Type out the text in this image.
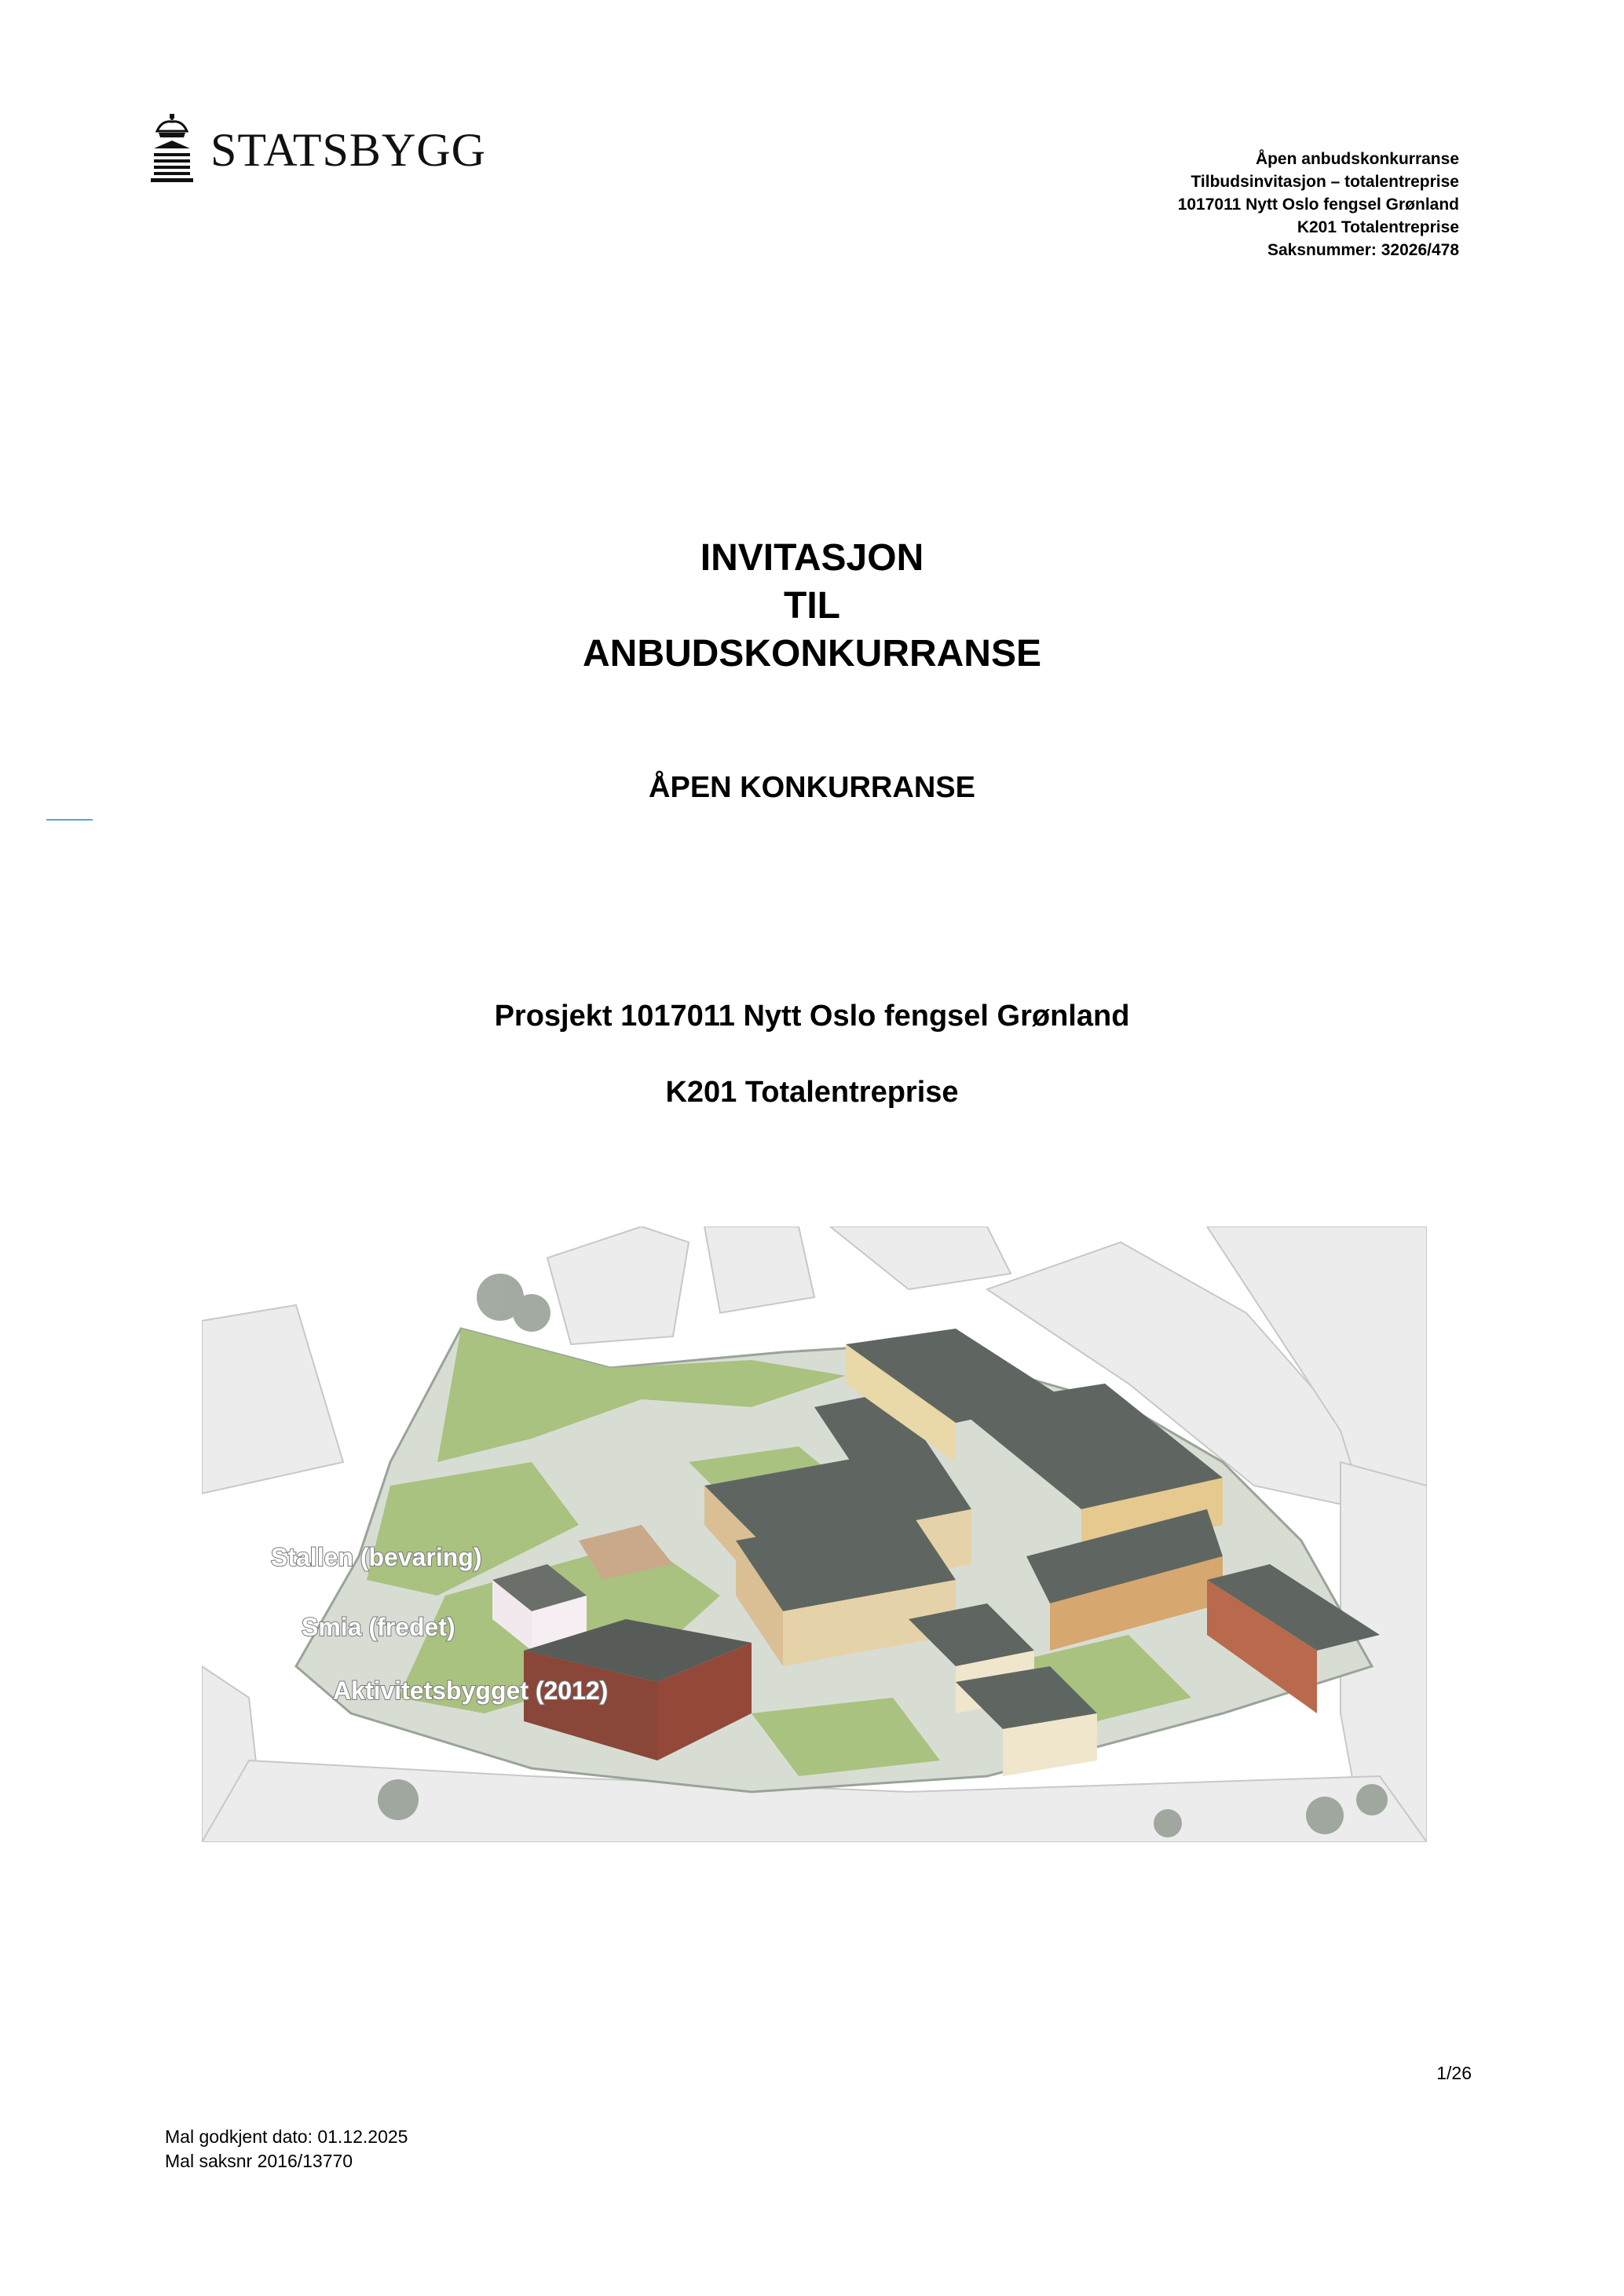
STATSBYGG	Åpen anbudskonkurranse
Tilbudsinvitasjon – totalentreprise
1017011 Nytt Oslo fengsel Grønland
K201 Totalentreprise
Saksnummer: 32026/478
INVITASJON
TIL
ANBUDSKONKURRANSE
ÅPEN KONKURRANSE
Prosjekt 1017011 Nytt Oslo fengsel Grønland
K201 Totalentreprise
Stallen (bevaring)
Smia (fredet)
Aktivitetsbygget (2012)
1/26
Mal godkjent dato: 01.12.2025
Mal saksnr 2016/13770
